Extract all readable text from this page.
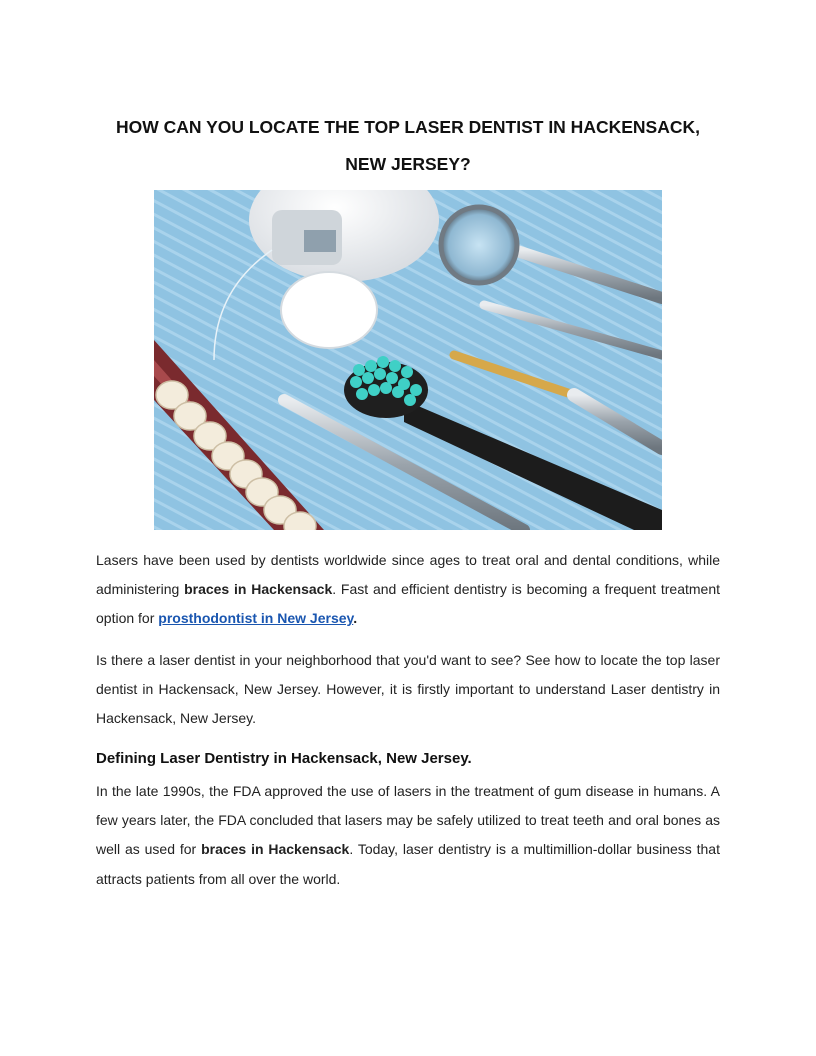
HOW CAN YOU LOCATE THE TOP LASER DENTIST IN HACKENSACK,
NEW JERSEY?

Lasers have been used by dentists worldwide since ages to treat oral and dental conditions, while administering braces in Hackensack. Fast and efficient dentistry is becoming a frequent treatment option for prosthodontist in New Jersey.

Is there a laser dentist in your neighborhood that you'd want to see? See how to locate the top laser dentist in Hackensack, New Jersey. However, it is firstly important to understand Laser dentistry in Hackensack, New Jersey.

Defining Laser Dentistry in Hackensack, New Jersey.

In the late 1990s, the FDA approved the use of lasers in the treatment of gum disease in humans. A few years later, the FDA concluded that lasers may be safely utilized to treat teeth and oral bones as well as used for braces in Hackensack. Today, laser dentistry is a multimillion-dollar business that attracts patients from all over the world.
